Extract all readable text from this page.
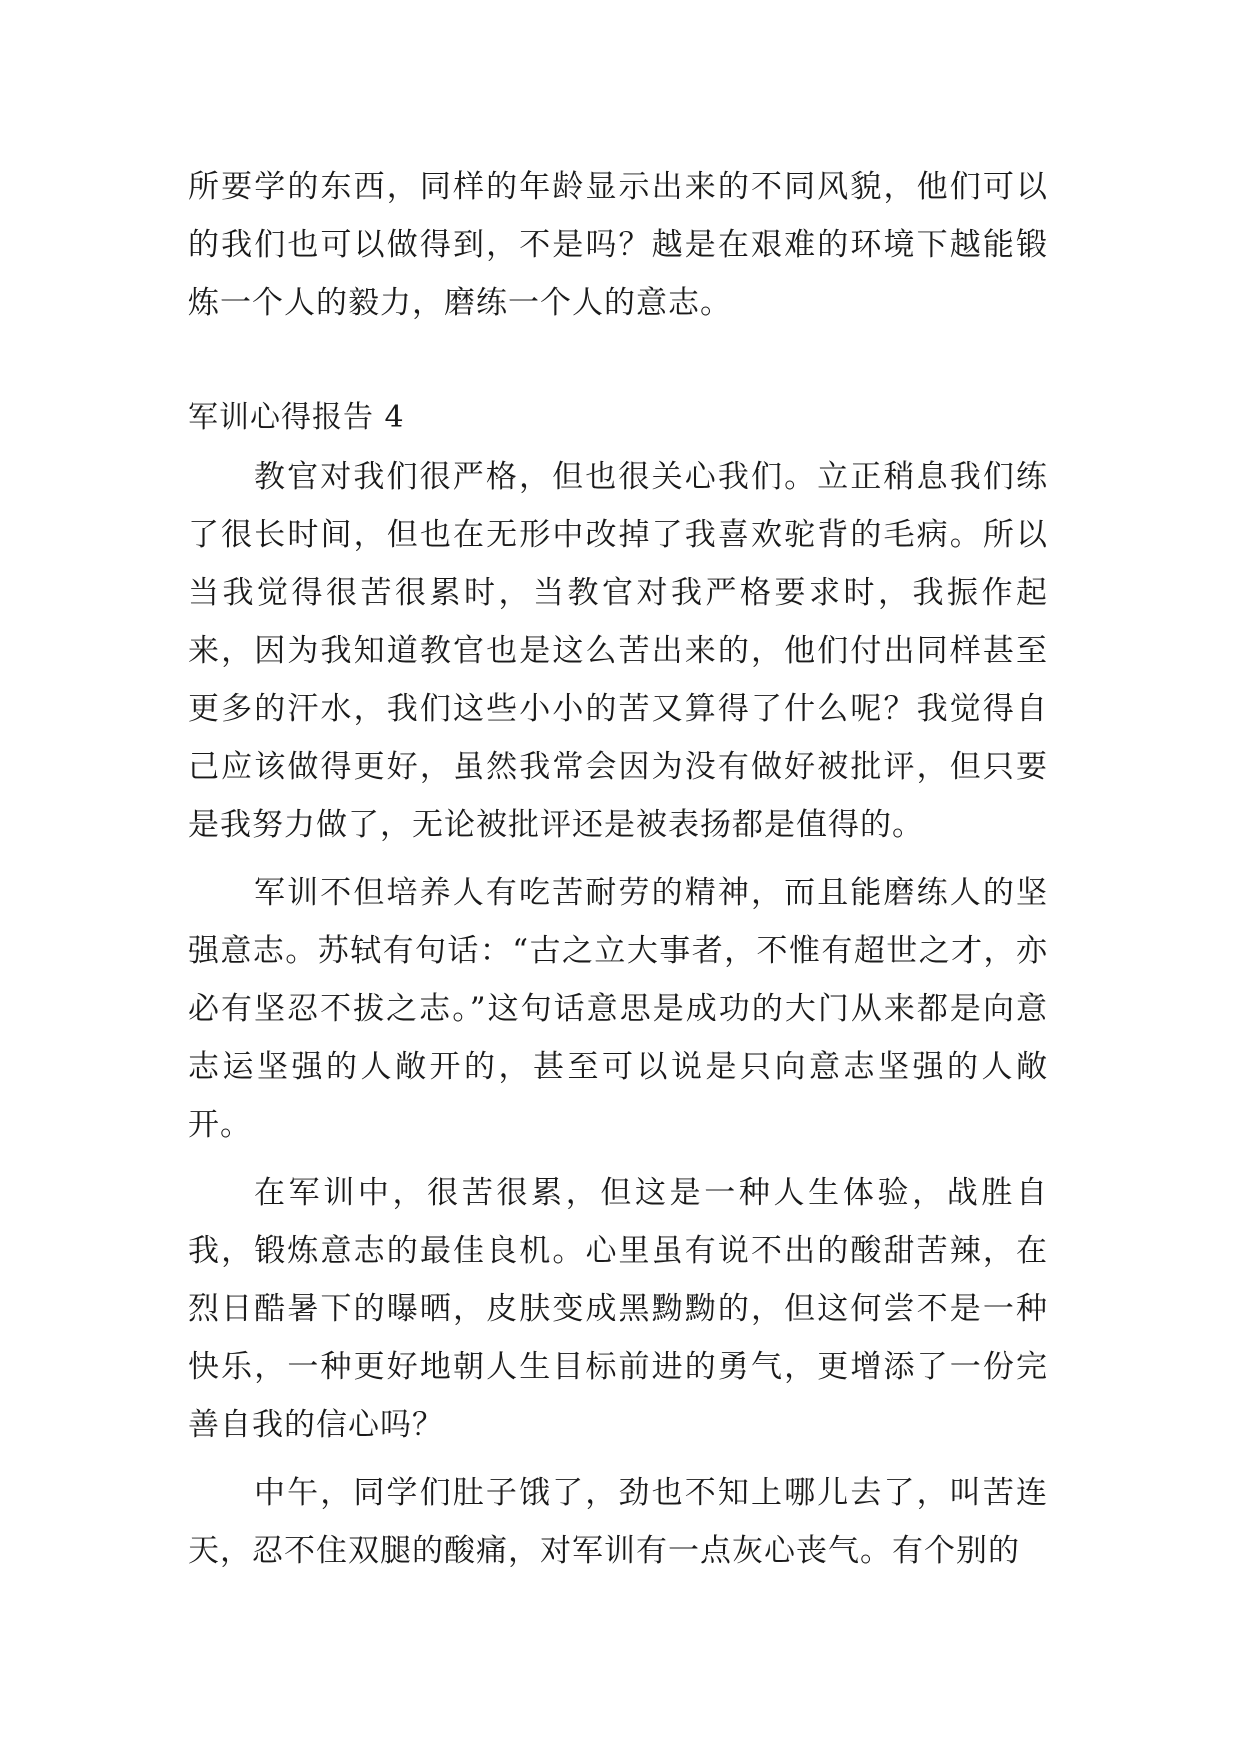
所要学的东西，同样的年龄显示出来的不同风貌，他们可以的我们也可以做得到，不是吗？越是在艰难的环境下越能锻炼一个人的毅力，磨练一个人的意志。

军训心得报告 4

教官对我们很严格，但也很关心我们。立正稍息我们练了很长时间，但也在无形中改掉了我喜欢驼背的毛病。所以当我觉得很苦很累时，当教官对我严格要求时，我振作起来，因为我知道教官也是这么苦出来的，他们付出同样甚至更多的汗水，我们这些小小的苦又算得了什么呢？我觉得自己应该做得更好，虽然我常会因为没有做好被批评，但只要是我努力做了，无论被批评还是被表扬都是值得的。

军训不但培养人有吃苦耐劳的精神，而且能磨练人的坚强意志。苏轼有句话：“古之立大事者，不惟有超世之才，亦必有坚忍不拔之志。”这句话意思是成功的大门从来都是向意志运坚强的人敞开的，甚至可以说是只向意志坚强的人敞开。

在军训中，很苦很累，但这是一种人生体验，战胜自我，锻炼意志的最佳良机。心里虽有说不出的酸甜苦辣，在烈日酷暑下的曝晒，皮肤变成黑黝黝的，但这何尝不是一种快乐，一种更好地朝人生目标前进的勇气，更增添了一份完善自我的信心吗？

中午，同学们肚子饿了，劲也不知上哪儿去了，叫苦连天，忍不住双腿的酸痛，对军训有一点灰心丧气。有个别的
